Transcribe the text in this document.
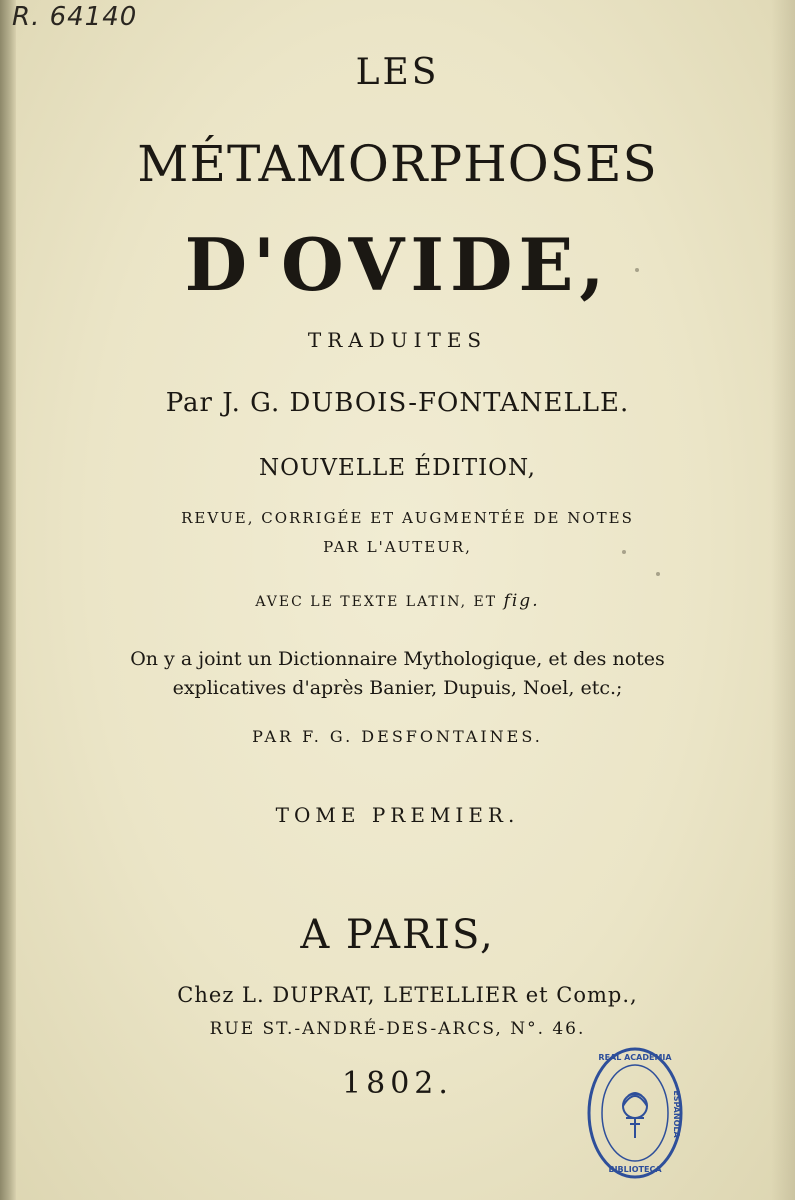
R. 64140
LES
MÉTAMORPHOSES
D'OVIDE,
TRADUITES
Par J. G. DUBOIS-FONTANELLE.
NOUVELLE ÉDITION,
REVUE, CORRIGÉE ET AUGMENTÉE DE NOTES
PAR L'AUTEUR,
AVEC LE TEXTE LATIN, ET fig.
On y a joint un Dictionnaire Mythologique, et des notes
explicatives d'après Banier, Dupuis, Noel, etc.;
PAR F. G. DESFONTAINES.
TOME PREMIER.
A PARIS,
Chez L. DUPRAT, LETELLIER et Comp.,
RUE ST.-ANDRÉ-DES-ARCS, N°. 46.
1802.
REAL ACADEMIA
ESPAÑOLA
BIBLIOTECA
